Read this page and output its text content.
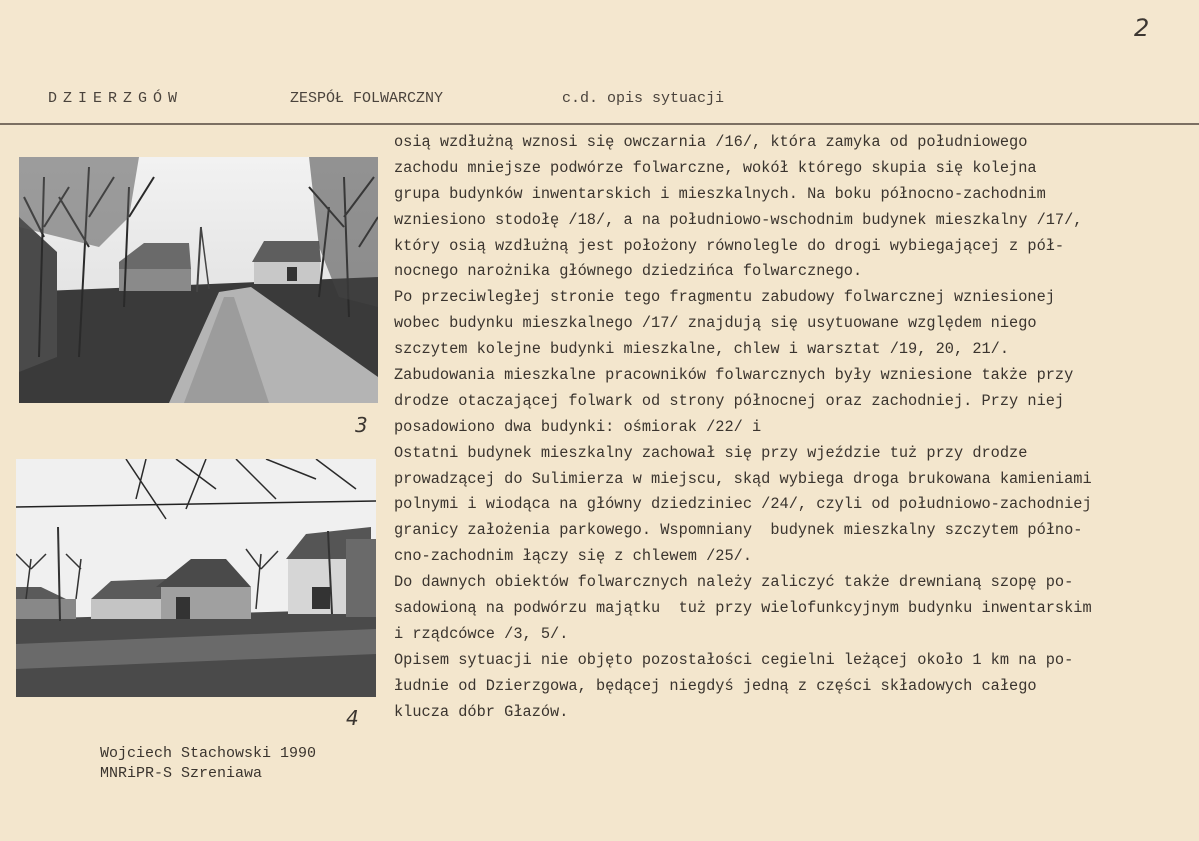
2
DZIERZGÓW	ZESPÓŁ FOLWARCZNY	c.d. opis sytuacji
3
4
osią wzdłużną wznosi się owczarnia /16/, która zamyka od południowego
zachodu mniejsze podwórze folwarczne, wokół którego skupia się kolejna
grupa budynków inwentarskich i mieszkalnych. Na boku północno-zachodnim
wzniesiono stodołę /18/, a na południowo-wschodnim budynek mieszkalny /17/,
który osią wzdłużną jest położony równolegle do drogi wybiegającej z pół-
nocnego narożnika głównego dziedzińca folwarcznego.
Po przeciwległej stronie tego fragmentu zabudowy folwarcznej wzniesionej
wobec budynku mieszkalnego /17/ znajdują się usytuowane względem niego
szczytem kolejne budynki mieszkalne, chlew i warsztat /19, 20, 21/.
Zabudowania mieszkalne pracowników folwarcznych były wzniesione także przy
drodze otaczającej folwark od strony północnej oraz zachodniej. Przy niej
posadowiono dwa budynki: ośmiorak /22/ i
Ostatni budynek mieszkalny zachował się przy wjeździe tuż przy drodze
prowadzącej do Sulimierza w miejscu, skąd wybiega droga brukowana kamieniami
polnymi i wiodąca na główny dziedziniec /24/, czyli od południowo-zachodniej
granicy założenia parkowego. Wspomniany  budynek mieszkalny szczytem półno-
cno-zachodnim łączy się z chlewem /25/.
Do dawnych obiektów folwarcznych należy zaliczyć także drewnianą szopę po-
sadowioną na podwórzu majątku  tuż przy wielofunkcyjnym budynku inwentarskim
i rządcówce /3, 5/.
Opisem sytuacji nie objęto pozostałości cegielni leżącej około 1 km na po-
łudnie od Dzierzgowa, będącej niegdyś jedną z części składowych całego
klucza dóbr Głazów.
Wojciech Stachowski 1990
MNRiPR-S Szreniawa
